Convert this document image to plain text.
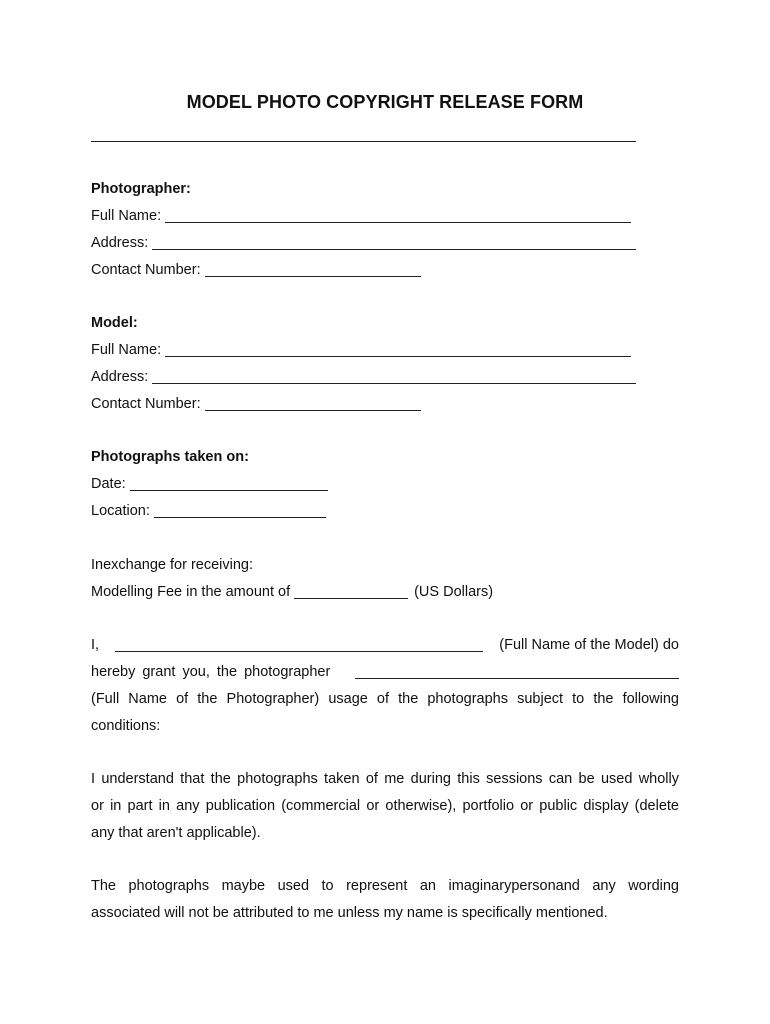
MODEL PHOTO COPYRIGHT RELEASE FORM
Photographer:
Full Name:
Address:
Contact Number:
Model:
Full Name:
Address:
Contact Number:
Photographs taken on:
Date:
Location:
Inexchange for receiving:
Modelling Fee in the amount of	(US Dollars)
I,	(Full Name of the Model) do
hereby grant you, the photographer
(Full Name of the Photographer) usage of the photographs subject to the following
conditions:
I understand that the photographs taken of me during this sessions can be used wholly
or in part in any publication (commercial or otherwise), portfolio or public display (delete
any that aren't applicable).
The photographs maybe used to represent an imaginarypersonand any wording
associated will not be attributed to me unless my name is specifically mentioned.
